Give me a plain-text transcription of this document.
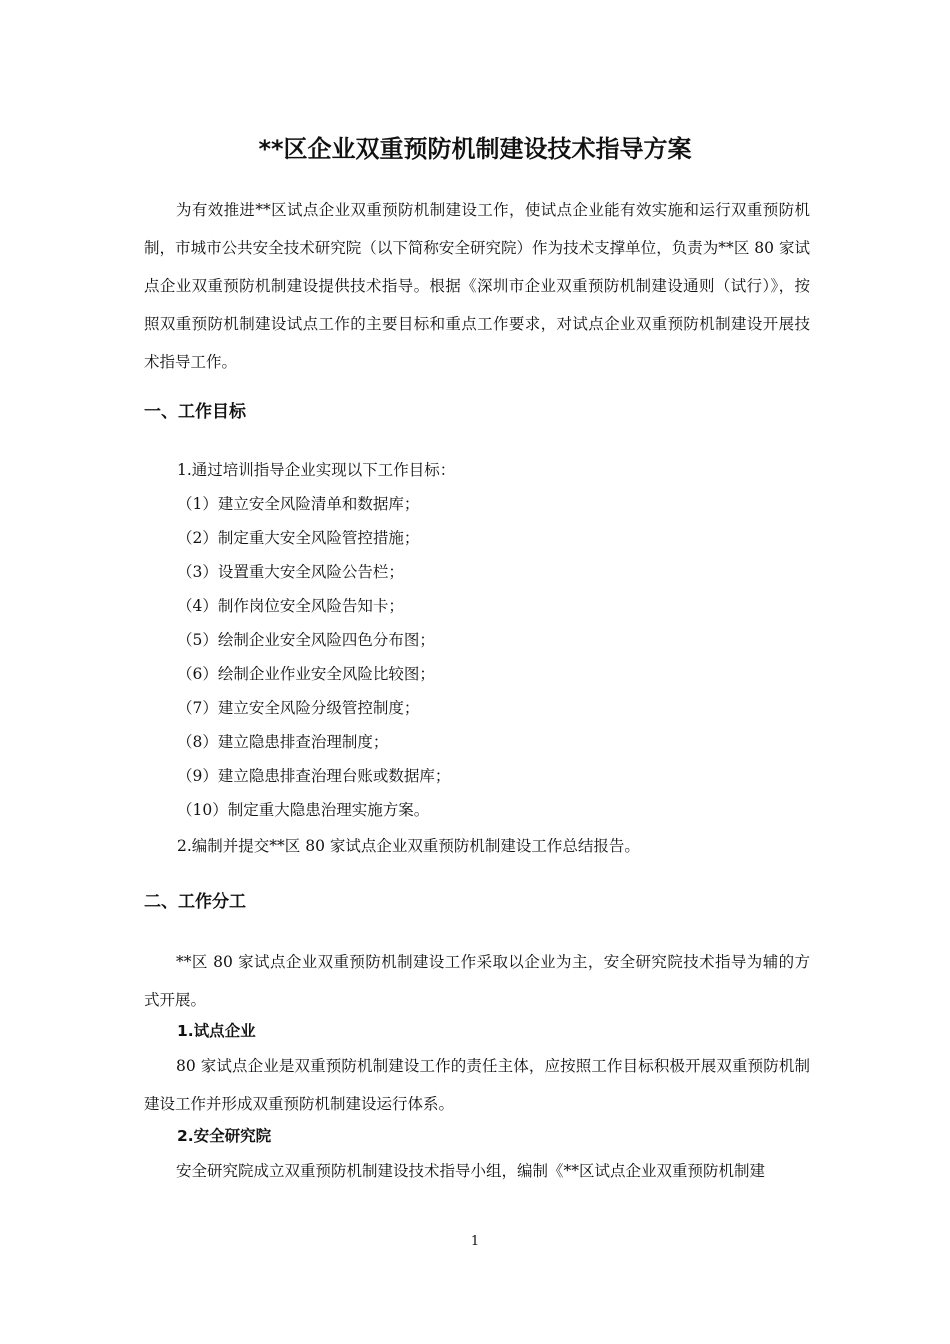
**区企业双重预防机制建设技术指导方案
为有效推进**区试点企业双重预防机制建设工作，使试点企业能有效实施和运行双重预防机制，市城市公共安全技术研究院（以下简称安全研究院）作为技术支撑单位，负责为**区 80 家试点企业双重预防机制建设提供技术指导。根据《深圳市企业双重预防机制建设通则（试行）》，按照双重预防机制建设试点工作的主要目标和重点工作要求，对试点企业双重预防机制建设开展技术指导工作。
一、工作目标
1.通过培训指导企业实现以下工作目标：
（1）建立安全风险清单和数据库；
（2）制定重大安全风险管控措施；
（3）设置重大安全风险公告栏；
（4）制作岗位安全风险告知卡；
（5）绘制企业安全风险四色分布图；
（6）绘制企业作业安全风险比较图；
（7）建立安全风险分级管控制度；
（8）建立隐患排查治理制度；
（9）建立隐患排查治理台账或数据库；
（10）制定重大隐患治理实施方案。
2.编制并提交**区 80 家试点企业双重预防机制建设工作总结报告。
二、工作分工
**区 80 家试点企业双重预防机制建设工作采取以企业为主，安全研究院技术指导为辅的方式开展。
1.试点企业
80 家试点企业是双重预防机制建设工作的责任主体，应按照工作目标积极开展双重预防机制建设工作并形成双重预防机制建设运行体系。
2.安全研究院
安全研究院成立双重预防机制建设技术指导小组，编制《**区试点企业双重预防机制建
1
